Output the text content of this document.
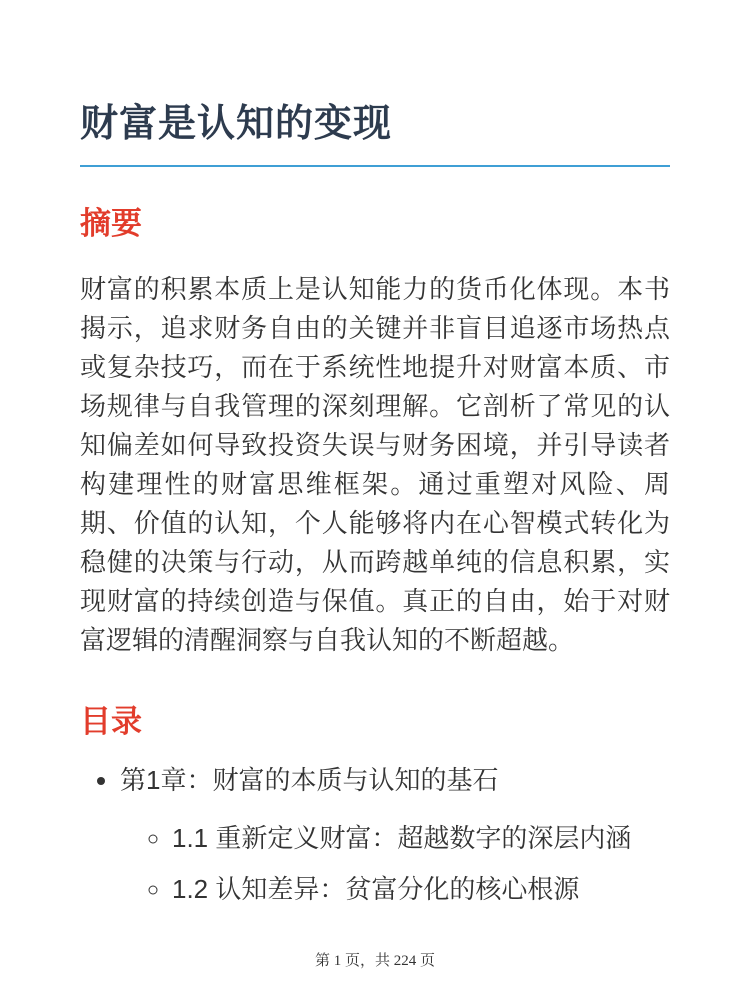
财富是认知的变现
摘要

财富的积累本质上是认知能力的货币化体现。本书揭示，追求财务自由的关键并非盲目追逐市场热点或复杂技巧，而在于系统性地提升对财富本质、市场规律与自我管理的深刻理解。它剖析了常见的认知偏差如何导致投资失误与财务困境，并引导读者构建理性的财富思维框架。通过重塑对风险、周期、价值的认知，个人能够将内在心智模式转化为稳健的决策与行动，从而跨越单纯的信息积累，实现财富的持续创造与保值。真正的自由，始于对财富逻辑的清醒洞察与自我认知的不断超越。

目录
• 第1章：财富的本质与认知的基石
◦ 1.1 重新定义财富：超越数字的深层内涵
◦ 1.2 认知差异：贫富分化的核心根源
第 1 页，共 224 页
